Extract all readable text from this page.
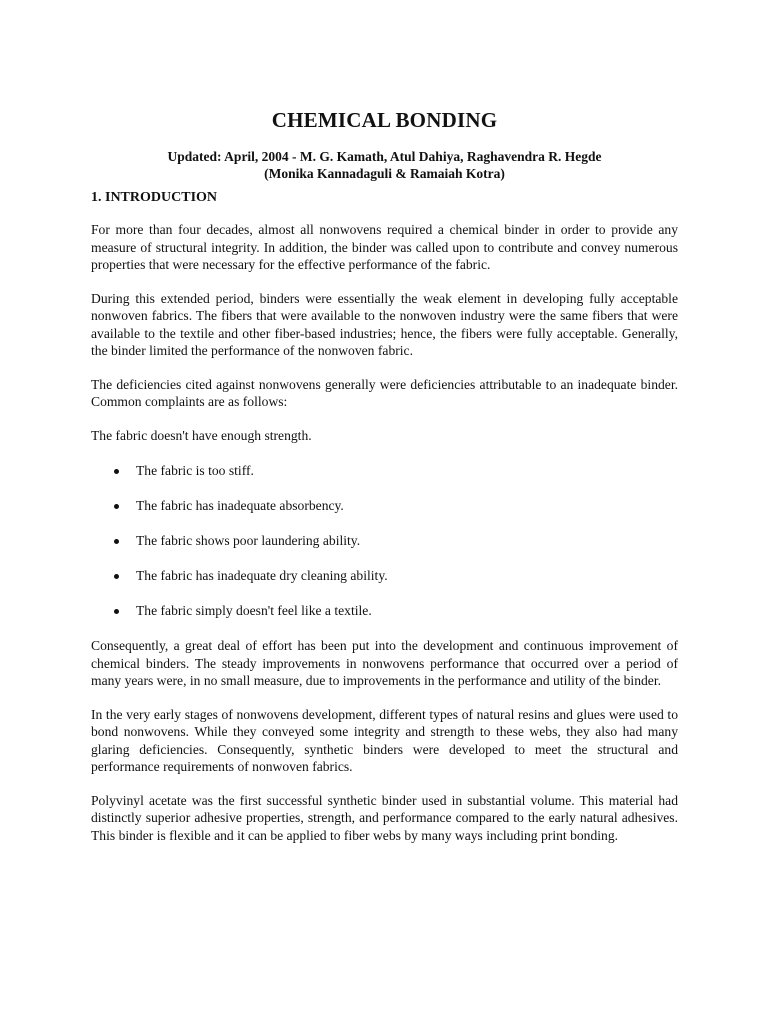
CHEMICAL BONDING
Updated: April, 2004 - M. G. Kamath, Atul Dahiya, Raghavendra R. Hegde
(Monika Kannadaguli & Ramaiah Kotra)
1. INTRODUCTION

For more than four decades, almost all nonwovens required a chemical binder in order to provide any measure of structural integrity. In addition, the binder was called upon to contribute and convey numerous properties that were necessary for the effective performance of the fabric.

During this extended period, binders were essentially the weak element in developing fully acceptable nonwoven fabrics. The fibers that were available to the nonwoven industry were the same fibers that were available to the textile and other fiber-based industries; hence, the fibers were fully acceptable. Generally, the binder limited the performance of the nonwoven fabric.

The deficiencies cited against nonwovens generally were deficiencies attributable to an inadequate binder. Common complaints are as follows:

The fabric doesn't have enough strength.

The fabric is too stiff.
The fabric has inadequate absorbency.
The fabric shows poor laundering ability.
The fabric has inadequate dry cleaning ability.
The fabric simply doesn't feel like a textile.

Consequently, a great deal of effort has been put into the development and continuous improvement of chemical binders. The steady improvements in nonwovens performance that occurred over a period of many years were, in no small measure, due to improvements in the performance and utility of the binder.

In the very early stages of nonwovens development, different types of natural resins and glues were used to bond nonwovens. While they conveyed some integrity and strength to these webs, they also had many glaring deficiencies. Consequently, synthetic binders were developed to meet the structural and performance requirements of nonwoven fabrics.

Polyvinyl acetate was the first successful synthetic binder used in substantial volume. This material had distinctly superior adhesive properties, strength, and performance compared to the early natural adhesives. This binder is flexible and it can be applied to fiber webs by many ways including print bonding.
